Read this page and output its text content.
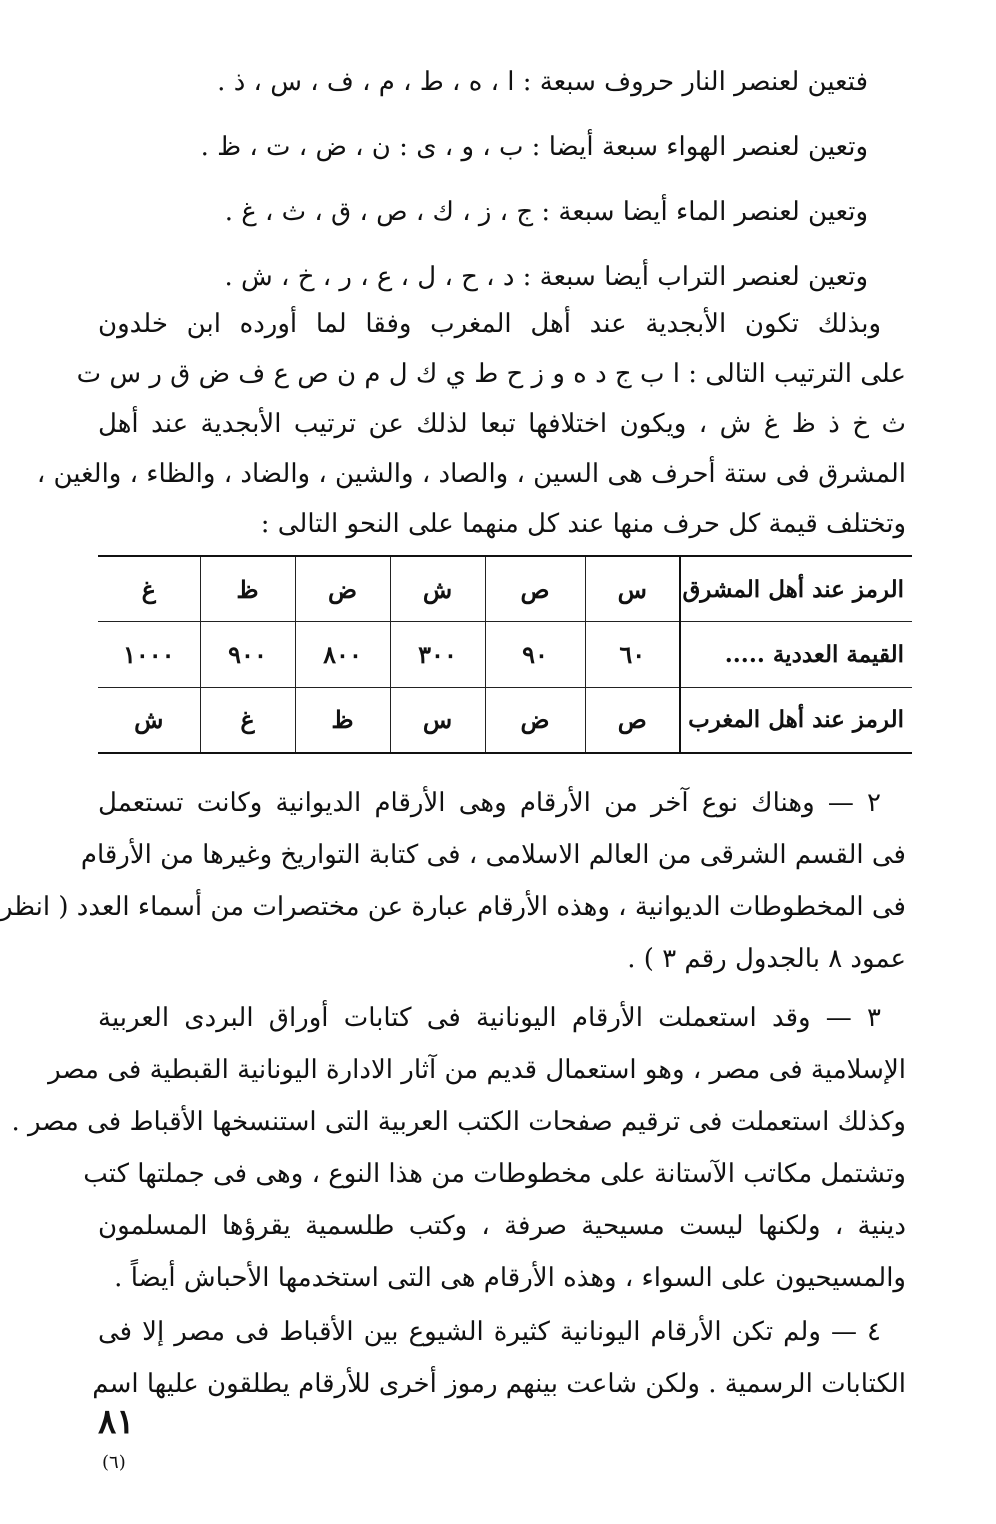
فتعين لعنصر النار حروف سبعة : ا ، ه ، ط ، م ، ف ، س ، ذ .
وتعين لعنصر الهواء سبعة أيضا : ب ، و ، ى : ن ، ض ، ت ، ظ .
وتعين لعنصر الماء أيضا سبعة : ج ، ز ، ك ، ص ، ق ، ث ، غ .
وتعين لعنصر التراب أيضا سبعة : د ، ح ، ل ، ع ، ر ، خ ، ش .
وبذلك تكون الأبجدية عند أهل المغرب وفقا لما أورده ابن خلدون
على الترتيب التالى : ا ب ج د ه و ز ح ط ي ك ل م ن ص ع ف ض ق ر س ت
ث خ ذ ظ غ ش ، ويكون اختلافها تبعا لذلك عن ترتيب الأبجدية عند أهل
المشرق فى ستة أحرف هى السين ، والصاد ، والشين ، والضاد ، والظاء ، والغين ،
وتختلف قيمة كل حرف منها عند كل منهما على النحو التالى :
الرمز عند أهل المشرق	س	ص	ش	ض	ظ	غ
القيمة العددية .....	٦٠	٩٠	٣٠٠	٨٠٠	٩٠٠	١٠٠٠
الرمز عند أهل المغرب	ص	ض	س	ظ	غ	ش
٢ — وهناك نوع آخر من الأرقام وهى الأرقام الديوانية وكانت تستعمل
فى القسم الشرقى من العالم الاسلامى ، فى كتابة التواريخ وغيرها من الأرقام
فى المخطوطات الديوانية ، وهذه الأرقام عبارة عن مختصرات من أسماء العدد ( انظر
عمود ٨ بالجدول رقم ٣ ) .
٣ — وقد استعملت الأرقام اليونانية فى كتابات أوراق البردى العربية
الإسلامية فى مصر ، وهو استعمال قديم من آثار الادارة اليونانية القبطية فى مصر
وكذلك استعملت فى ترقيم صفحات الكتب العربية التى استنسخها الأقباط فى مصر .
وتشتمل مكاتب الآستانة على مخطوطات من هذا النوع ، وهى فى جملتها كتب
دينية ، ولكنها ليست مسيحية صرفة ، وكتب طلسمية يقرؤها المسلمون
والمسيحيون على السواء ، وهذه الأرقام هى التى استخدمها الأحباش أيضاً .
٤ — ولم تكن الأرقام اليونانية كثيرة الشيوع بين الأقباط فى مصر إلا فى
الكتابات الرسمية . ولكن شاعت بينهم رموز أخرى للأرقام يطلقون عليها اسم
٨١
(٦)
